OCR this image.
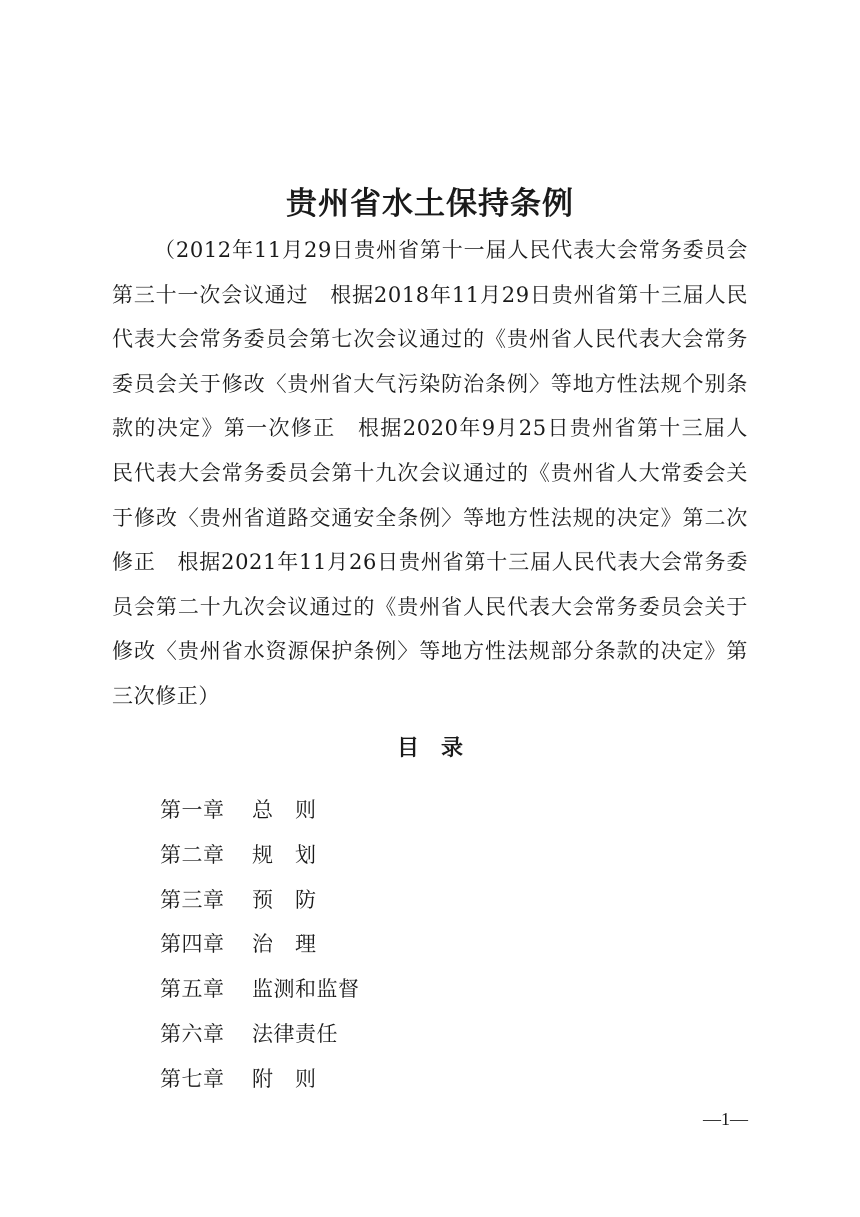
贵州省水土保持条例

（2012年11月29日贵州省第十一届人民代表大会常务委员会第三十一次会议通过　根据2018年11月29日贵州省第十三届人民代表大会常务委员会第七次会议通过的《贵州省人民代表大会常务委员会关于修改〈贵州省大气污染防治条例〉等地方性法规个别条款的决定》第一次修正　根据2020年9月25日贵州省第十三届人民代表大会常务委员会第十九次会议通过的《贵州省人大常委会关于修改〈贵州省道路交通安全条例〉等地方性法规的决定》第二次修正　根据2021年11月26日贵州省第十三届人民代表大会常务委员会第二十九次会议通过的《贵州省人民代表大会常务委员会关于修改〈贵州省水资源保护条例〉等地方性法规部分条款的决定》第三次修正）

目 录
第一章 总　则
第二章 规　划
第三章 预　防
第四章 治　理
第五章 监测和监督
第六章 法律责任
第七章 附　则
—1—
